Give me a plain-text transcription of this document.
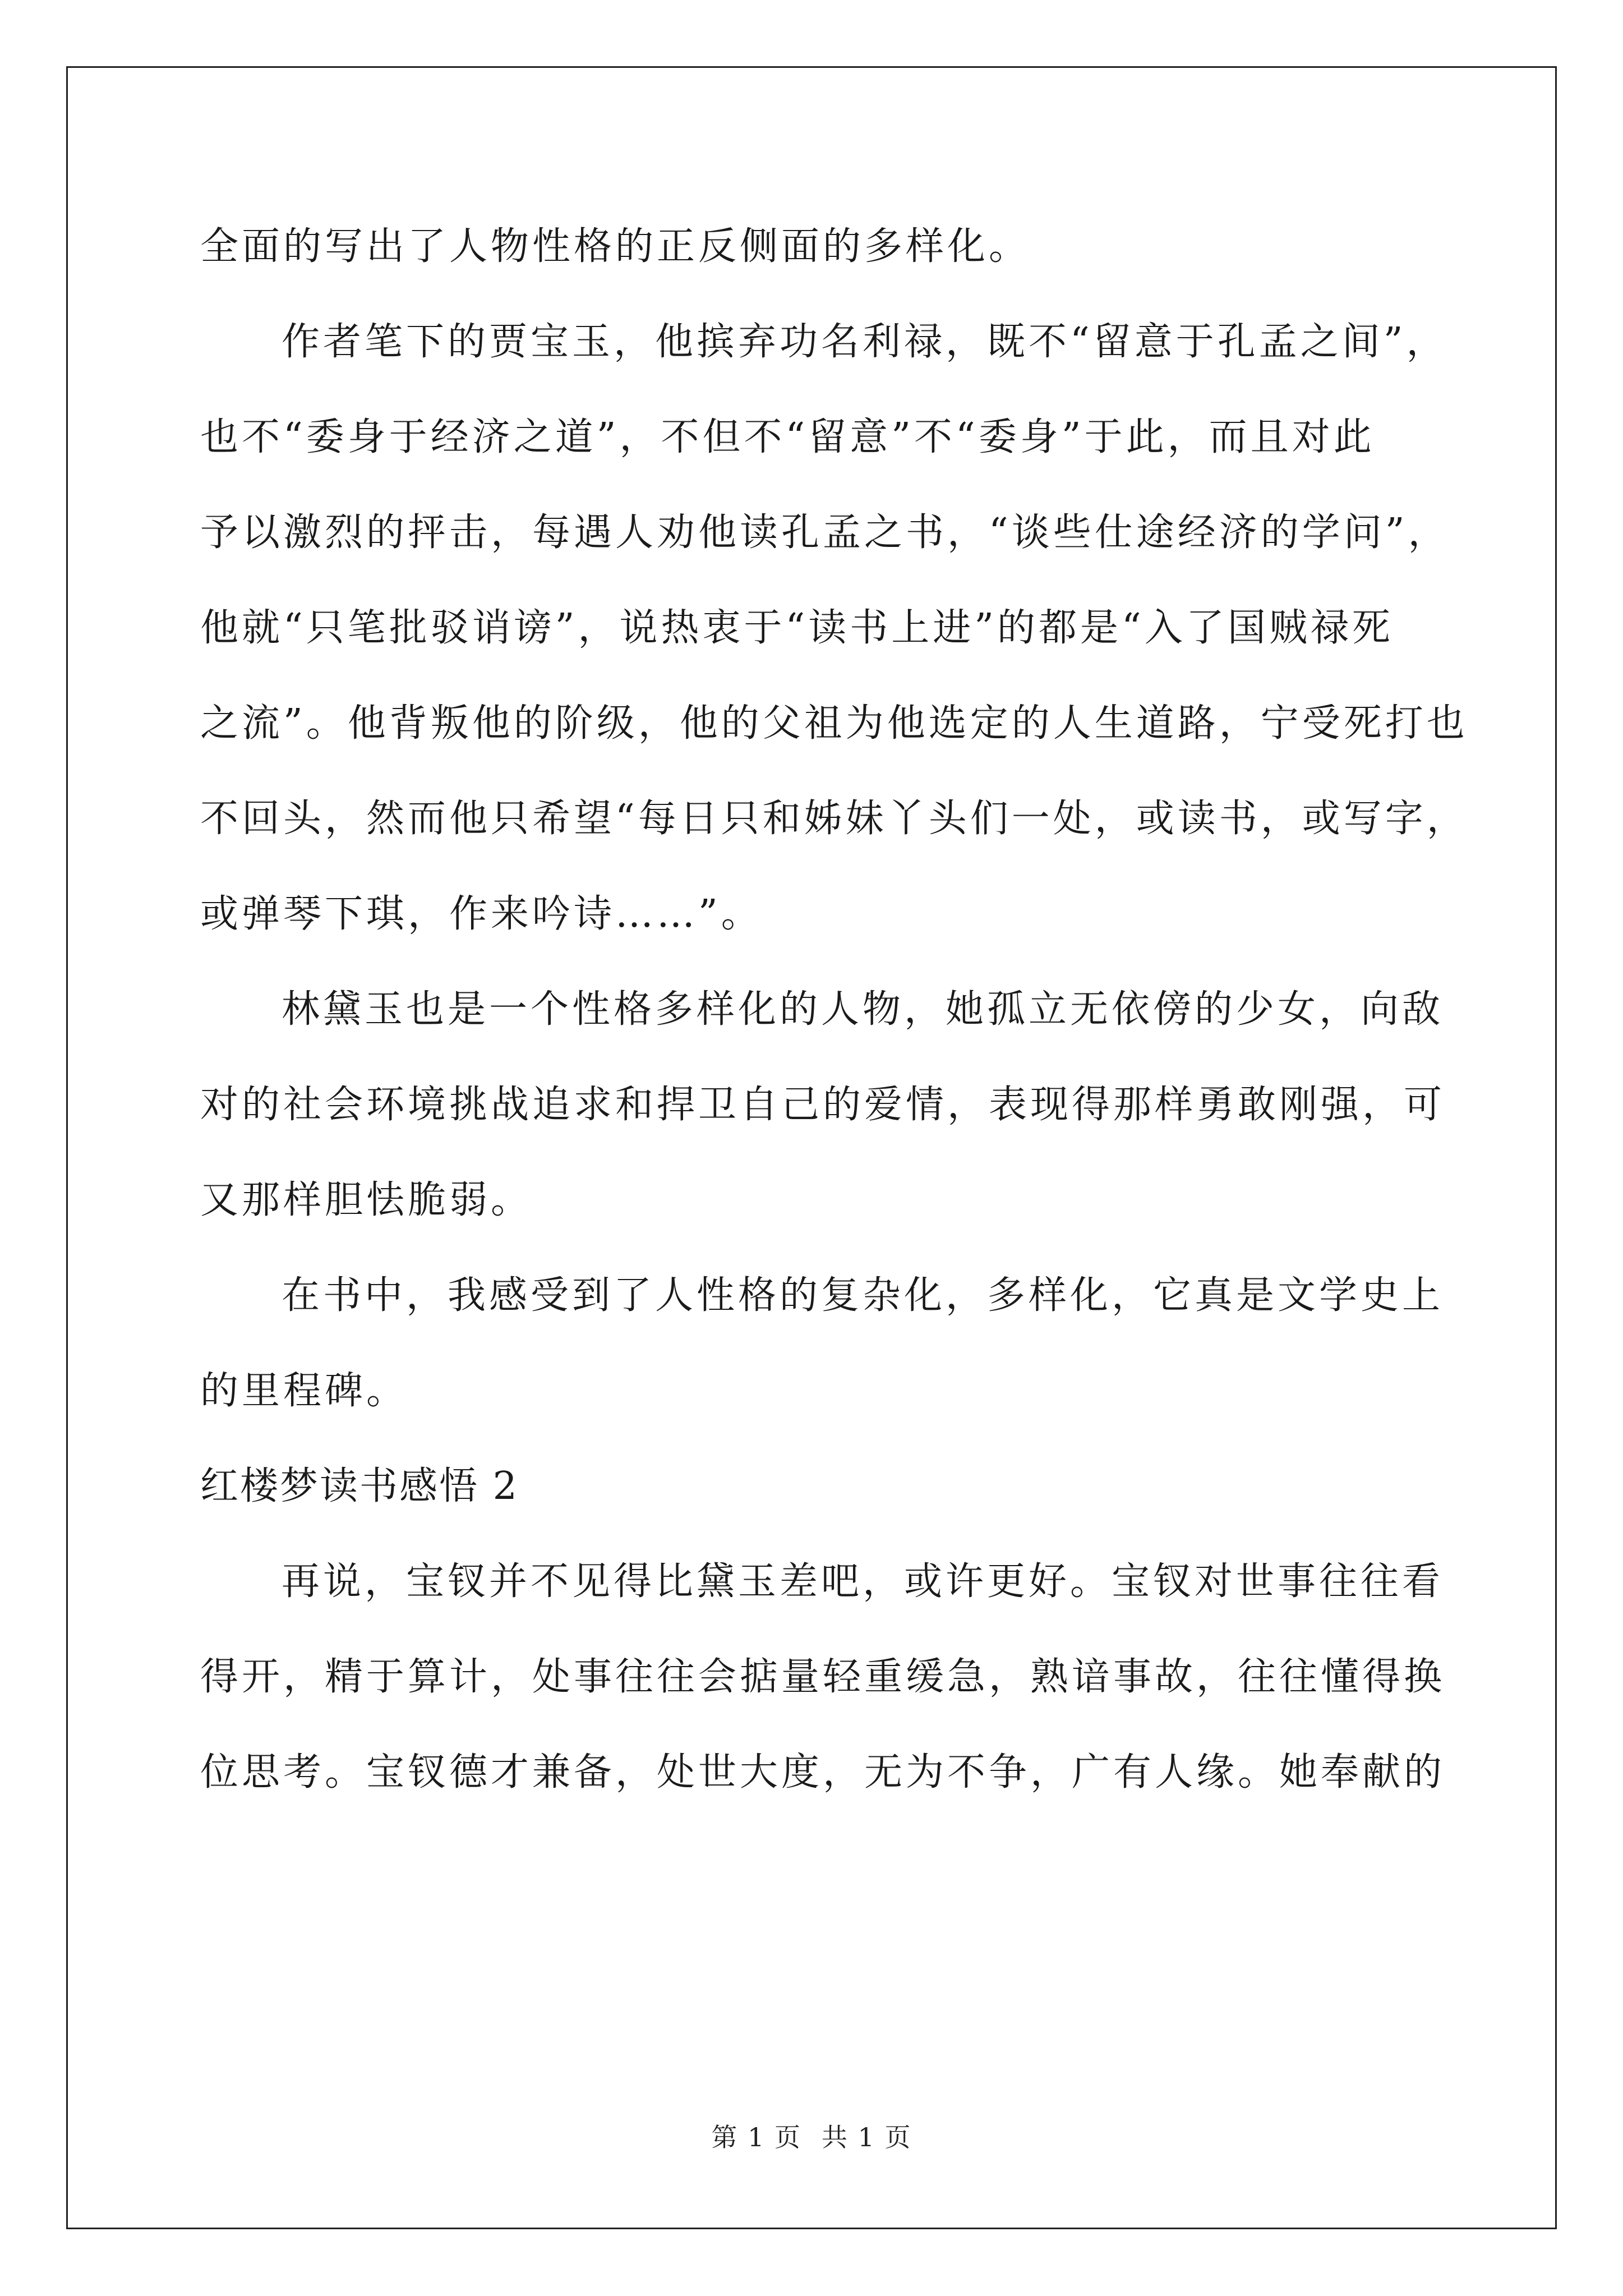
全面的写出了人物性格的正反侧面的多样化。
作者笔下的贾宝玉，他摈弃功名利禄，既不“留意于孔孟之间”，
也不“委身于经济之道”，不但不“留意”不“委身”于此，而且对此
予以激烈的抨击，每遇人劝他读孔孟之书，“谈些仕途经济的学问”，
他就“只笔批驳诮谤”，说热衷于“读书上进”的都是“入了国贼禄死
之流”。他背叛他的阶级，他的父祖为他选定的人生道路，宁受死打也
不回头，然而他只希望“每日只和姊妹丫头们一处，或读书，或写字，
或弹琴下琪，作来吟诗……”。
林黛玉也是一个性格多样化的人物，她孤立无依傍的少女，向敌
对的社会环境挑战追求和捍卫自己的爱情，表现得那样勇敢刚强，可
又那样胆怯脆弱。
在书中，我感受到了人性格的复杂化，多样化，它真是文学史上
的里程碑。
红楼梦读书感悟 2
再说，宝钗并不见得比黛玉差吧，或许更好。宝钗对世事往往看
得开，精于算计，处事往往会掂量轻重缓急，熟谙事故，往往懂得换
位思考。宝钗德才兼备，处世大度，无为不争，广有人缘。她奉献的
第 1 页 共 1 页
